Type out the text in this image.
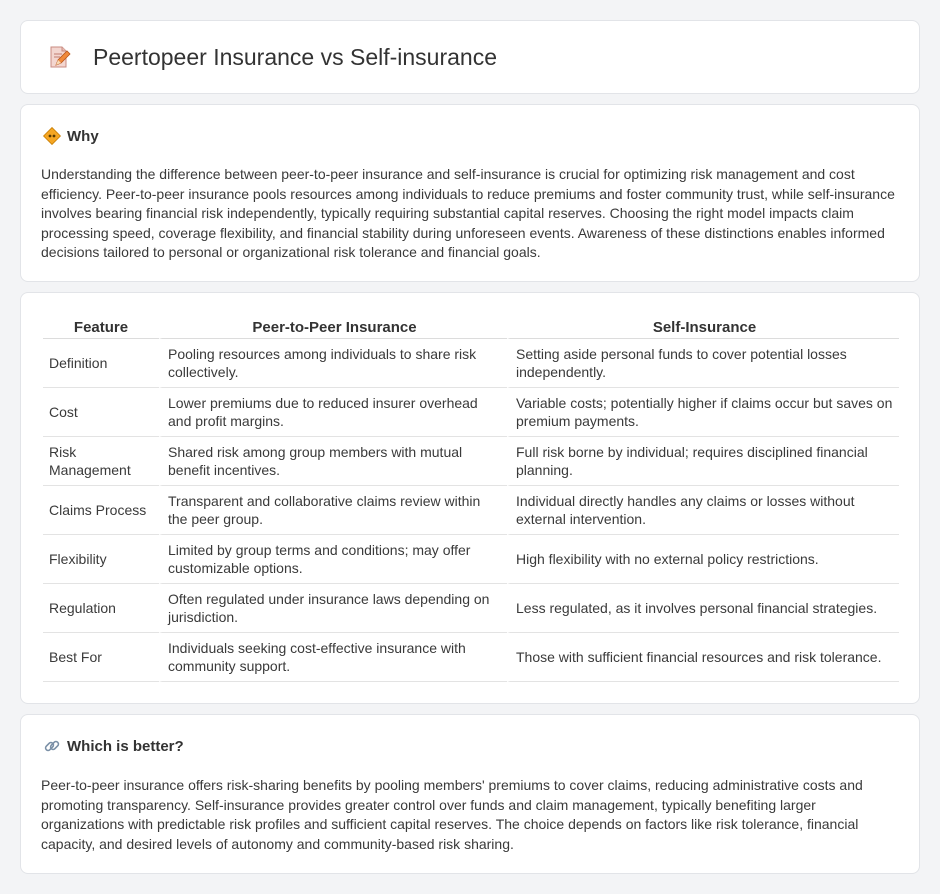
Peertopeer Insurance vs Self-insurance
Why

Understanding the difference between peer-to-peer insurance and self-insurance is crucial for optimizing risk management and cost efficiency. Peer-to-peer insurance pools resources among individuals to reduce premiums and foster community trust, while self-insurance involves bearing financial risk independently, typically requiring substantial capital reserves. Choosing the right model impacts claim processing speed, coverage flexibility, and financial stability during unforeseen events. Awareness of these distinctions enables informed decisions tailored to personal or organizational risk tolerance and financial goals.

Feature	Peer-to-Peer Insurance	Self-Insurance
Definition	Pooling resources among individuals to share risk collectively.	Setting aside personal funds to cover potential losses independently.
Cost	Lower premiums due to reduced insurer overhead and profit margins.	Variable costs; potentially higher if claims occur but saves on premium payments.
Risk Management	Shared risk among group members with mutual benefit incentives.	Full risk borne by individual; requires disciplined financial planning.
Claims Process	Transparent and collaborative claims review within the peer group.	Individual directly handles any claims or losses without external intervention.
Flexibility	Limited by group terms and conditions; may offer customizable options.	High flexibility with no external policy restrictions.
Regulation	Often regulated under insurance laws depending on jurisdiction.	Less regulated, as it involves personal financial strategies.
Best For	Individuals seeking cost-effective insurance with community support.	Those with sufficient financial resources and risk tolerance.
Which is better?

Peer-to-peer insurance offers risk-sharing benefits by pooling members' premiums to cover claims, reducing administrative costs and promoting transparency. Self-insurance provides greater control over funds and claim management, typically benefiting larger organizations with predictable risk profiles and sufficient capital reserves. The choice depends on factors like risk tolerance, financial capacity, and desired levels of autonomy and community-based risk sharing.
